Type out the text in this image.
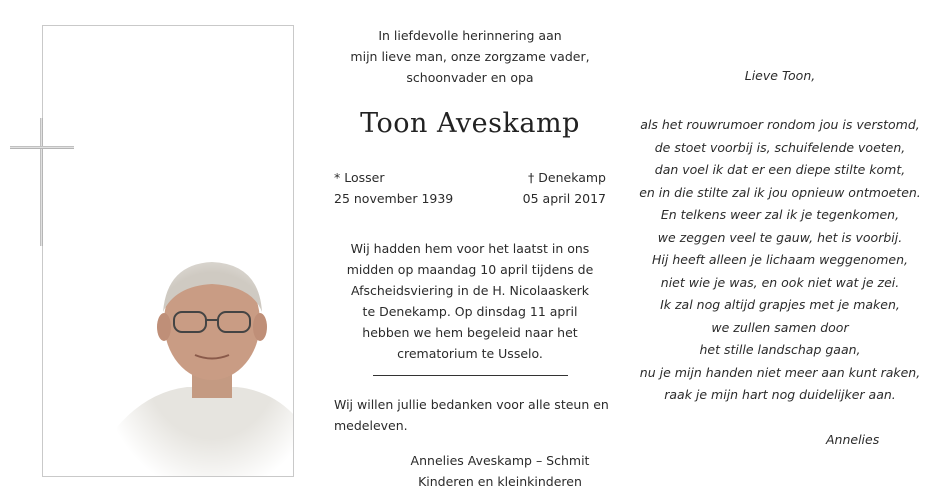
In liefdevolle herinnering aan
mijn lieve man, onze zorgzame vader,
schoonvader en opa
Toon Aveskamp
* Losser
25 november 1939
† Denekamp
05 april 2017
Wij hadden hem voor het laatst in ons
midden op maandag 10 april tijdens de
Afscheidsviering in de H. Nicolaaskerk
te Denekamp. Op dinsdag 11 april
hebben we hem begeleid naar het
crematorium te Usselo.
Wij willen jullie bedanken voor alle steun en
medeleven.
Annelies Aveskamp – Schmit
Kinderen en kleinkinderen
Lieve Toon,
als het rouwrumoer rondom jou is verstomd,
de stoet voorbij is, schuifelende voeten,
dan voel ik dat er een diepe stilte komt,
en in die stilte zal ik jou opnieuw ontmoeten.
En telkens weer zal ik je tegenkomen,
we zeggen veel te gauw, het is voorbij.
Hij heeft alleen je lichaam weggenomen,
niet wie je was, en ook niet wat je zei.
Ik zal nog altijd grapjes met je maken,
we zullen samen door
het stille landschap gaan,
nu je mijn handen niet meer aan kunt raken,
raak je mijn hart nog duidelijker aan.
Annelies
